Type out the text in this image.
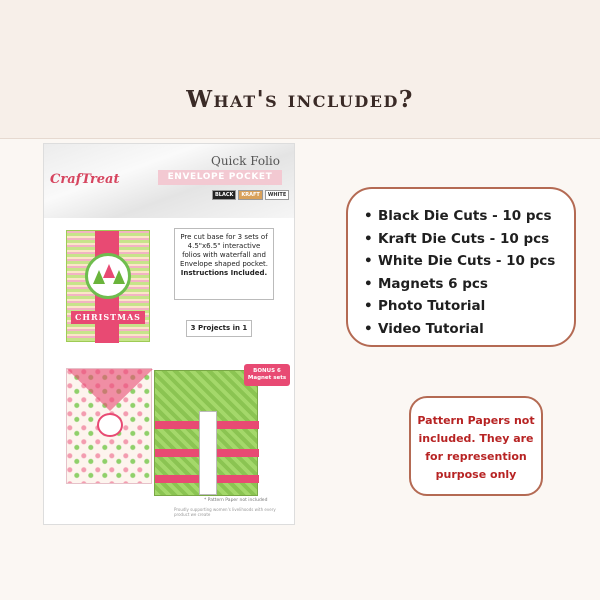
What's included?
CrafTreat
Quick Folio
ENVELOPE POCKET
BLACK	KRAFT	WHITE
CHRISTMAS
Pre cut base for 3 sets of 4.5"x6.5" interactive folios with waterfall and Envelope shaped pocket. Instructions Included.
3 Projects in 1
BONUS 6 Magnet sets
* Pattern Paper not included
Proudly supporting women's livelihoods with every product we create
• Black Die Cuts - 10 pcs
• Kraft Die Cuts - 10 pcs
• White Die Cuts - 10 pcs
• Magnets 6 pcs
• Photo Tutorial
• Video Tutorial

Pattern Papers not included. They are for represention purpose only
